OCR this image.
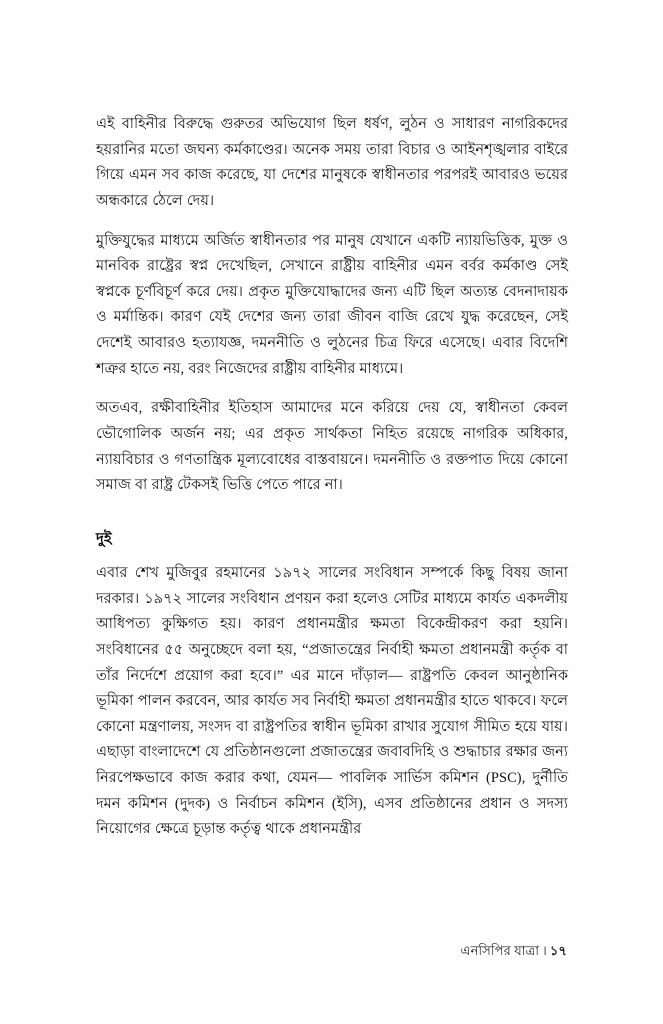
এই বাহিনীর বিরুদ্ধে গুরুতর অভিযোগ ছিল ধর্ষণ, লুঠন ও সাধারণ নাগরিকদের হয়রানির মতো জঘন্য কর্মকাণ্ডের। অনেক সময় তারা বিচার ও আইনশৃঙ্খলার বাইরে গিয়ে এমন সব কাজ করেছে, যা দেশের মানুষকে স্বাধীনতার পরপরই আবারও ভয়ের অন্ধকারে ঠেলে দেয়।

মুক্তিযুদ্ধের মাধ্যমে অর্জিত স্বাধীনতার পর মানুষ যেখানে একটি ন্যায়ভিত্তিক, মুক্ত ও মানবিক রাষ্ট্রের স্বপ্ন দেখেছিল, সেখানে রাষ্ট্রীয় বাহিনীর এমন বর্বর কর্মকাণ্ড সেই স্বপ্নকে চূর্ণবিচূর্ণ করে দেয়। প্রকৃত মুক্তিযোদ্ধাদের জন্য এটি ছিল অত্যন্ত বেদনাদায়ক ও মর্মান্তিক। কারণ যেই দেশের জন্য তারা জীবন বাজি রেখে যুদ্ধ করেছেন, সেই দেশেই আবারও হত্যাযজ্ঞ, দমননীতি ও লুঠনের চিত্র ফিরে এসেছে। এবার বিদেশি শত্রুর হাতে নয়, বরং নিজেদের রাষ্ট্রীয় বাহিনীর মাধ্যমে।

অতএব, রক্ষীবাহিনীর ইতিহাস আমাদের মনে করিয়ে দেয় যে, স্বাধীনতা কেবল ভৌগোলিক অর্জন নয়; এর প্রকৃত সার্থকতা নিহিত রয়েছে নাগরিক অধিকার, ন্যায়বিচার ও গণতান্ত্রিক মূল্যবোধের বাস্তবায়নে। দমননীতি ও রক্তপাত দিয়ে কোনো সমাজ বা রাষ্ট্র টেকসই ভিত্তি পেতে পারে না।

দুই

এবার শেখ মুজিবুর রহমানের ১৯৭২ সালের সংবিধান সম্পর্কে কিছু বিষয় জানা দরকার। ১৯৭২ সালের সংবিধান প্রণয়ন করা হলেও সেটির মাধ্যমে কার্যত একদলীয় আধিপত্য কুক্ষিগত হয়। কারণ প্রধানমন্ত্রীর ক্ষমতা বিকেন্দ্রীকরণ করা হয়নি। সংবিধানের ৫৫ অনুচ্ছেদে বলা হয়, “প্রজাতন্ত্রের নির্বাহী ক্ষমতা প্রধানমন্ত্রী কর্তৃক বা তাঁর নির্দেশে প্রয়োগ করা হবে।” এর মানে দাঁড়াল— রাষ্ট্রপতি কেবল আনুষ্ঠানিক ভূমিকা পালন করবেন, আর কার্যত সব নির্বাহী ক্ষমতা প্রধানমন্ত্রীর হাতে থাকবে। ফলে কোনো মন্ত্রণালয়, সংসদ বা রাষ্ট্রপতির স্বাধীন ভূমিকা রাখার সুযোগ সীমিত হয়ে যায়। এছাড়া বাংলাদেশে যে প্রতিষ্ঠানগুলো প্রজাতন্ত্রের জবাবদিহি ও শুদ্ধাচার রক্ষার জন্য নিরপেক্ষভাবে কাজ করার কথা, যেমন— পাবলিক সার্ভিস কমিশন (PSC), দুর্নীতি দমন কমিশন (দুদক) ও নির্বাচন কমিশন (ইসি), এসব প্রতিষ্ঠানের প্রধান ও সদস্য নিয়োগের ক্ষেত্রে চূড়ান্ত কর্তৃত্ব থাকে প্রধানমন্ত্রীর

এনসিপির যাত্রা । ১৭
